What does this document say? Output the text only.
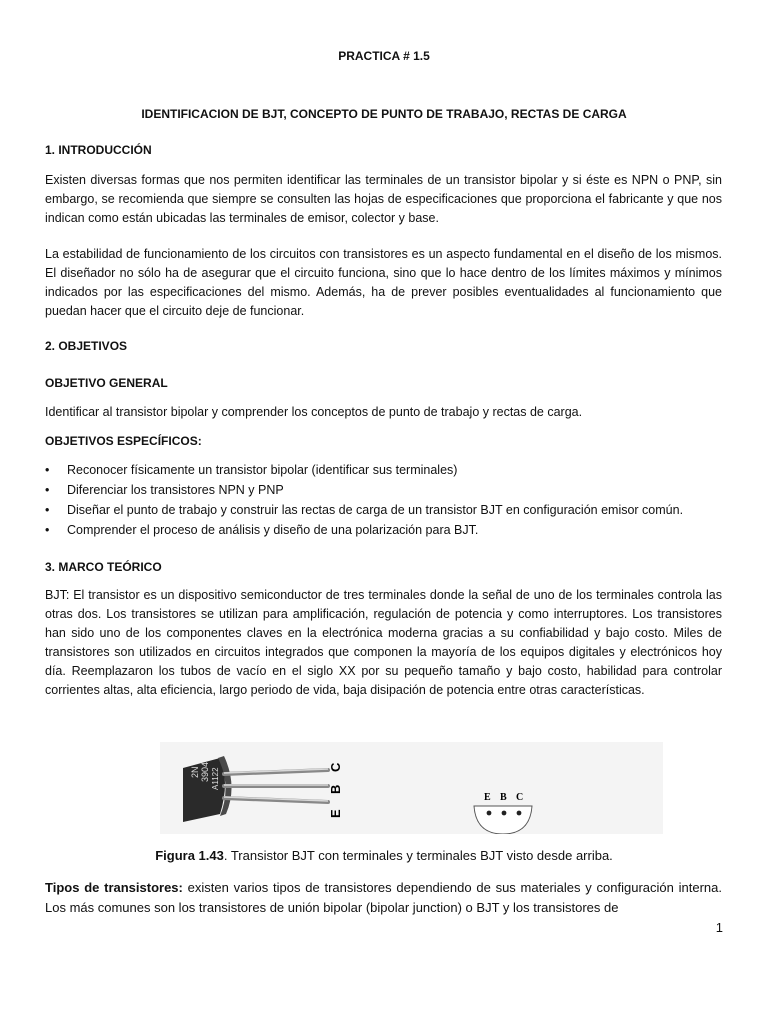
PRACTICA # 1.5
IDENTIFICACION DE BJT, CONCEPTO DE PUNTO DE TRABAJO, RECTAS DE CARGA
1. INTRODUCCIÓN
Existen diversas formas que nos permiten identificar las terminales de un transistor bipolar y si éste es NPN o PNP, sin embargo, se recomienda que siempre se consulten las hojas de especificaciones que proporciona el fabricante y que nos indican como están ubicadas las terminales de emisor, colector y base.
La estabilidad de funcionamiento de los circuitos con transistores es un aspecto fundamental en el diseño de los mismos. El diseñador no sólo ha de asegurar que el circuito funciona, sino que lo hace dentro de los límites máximos y mínimos indicados por las especificaciones del mismo. Además, ha de prever posibles eventualidades al funcionamiento que puedan hacer que el circuito deje de funcionar.
2. OBJETIVOS
OBJETIVO GENERAL
Identificar al transistor bipolar y comprender los conceptos de punto de trabajo y rectas de carga.
OBJETIVOS ESPECÍFICOS:
• Reconocer físicamente un transistor bipolar (identificar sus terminales)
• Diferenciar los transistores NPN y PNP
• Diseñar el punto de trabajo y construir las rectas de carga de un transistor BJT en configuración emisor común.
• Comprender el proceso de análisis y diseño de una polarización para BJT.
3. MARCO TEÓRICO
BJT: El transistor es un dispositivo semiconductor de tres terminales donde la señal de uno de los terminales controla las otras dos. Los transistores se utilizan para amplificación, regulación de potencia y como interruptores. Los transistores han sido uno de los componentes claves en la electrónica moderna gracias a su confiabilidad y bajo costo. Miles de transistores son utilizados en circuitos integrados que componen la mayoría de los equipos digitales y electrónicos hoy día. Reemplazaron los tubos de vacío en el siglo XX por su pequeño tamaño y bajo costo, habilidad para controlar corrientes altas, alta eficiencia, largo periodo de vida, baja disipación de potencia entre otras características.
2N 3904 A1122
E
B
C
E B C
Figura 1.43. Transistor BJT con terminales y terminales BJT visto desde arriba.
Tipos de transistores: existen varios tipos de transistores dependiendo de sus materiales y configuración interna. Los más comunes son los transistores de unión bipolar (bipolar junction) o BJT y los transistores de
1
